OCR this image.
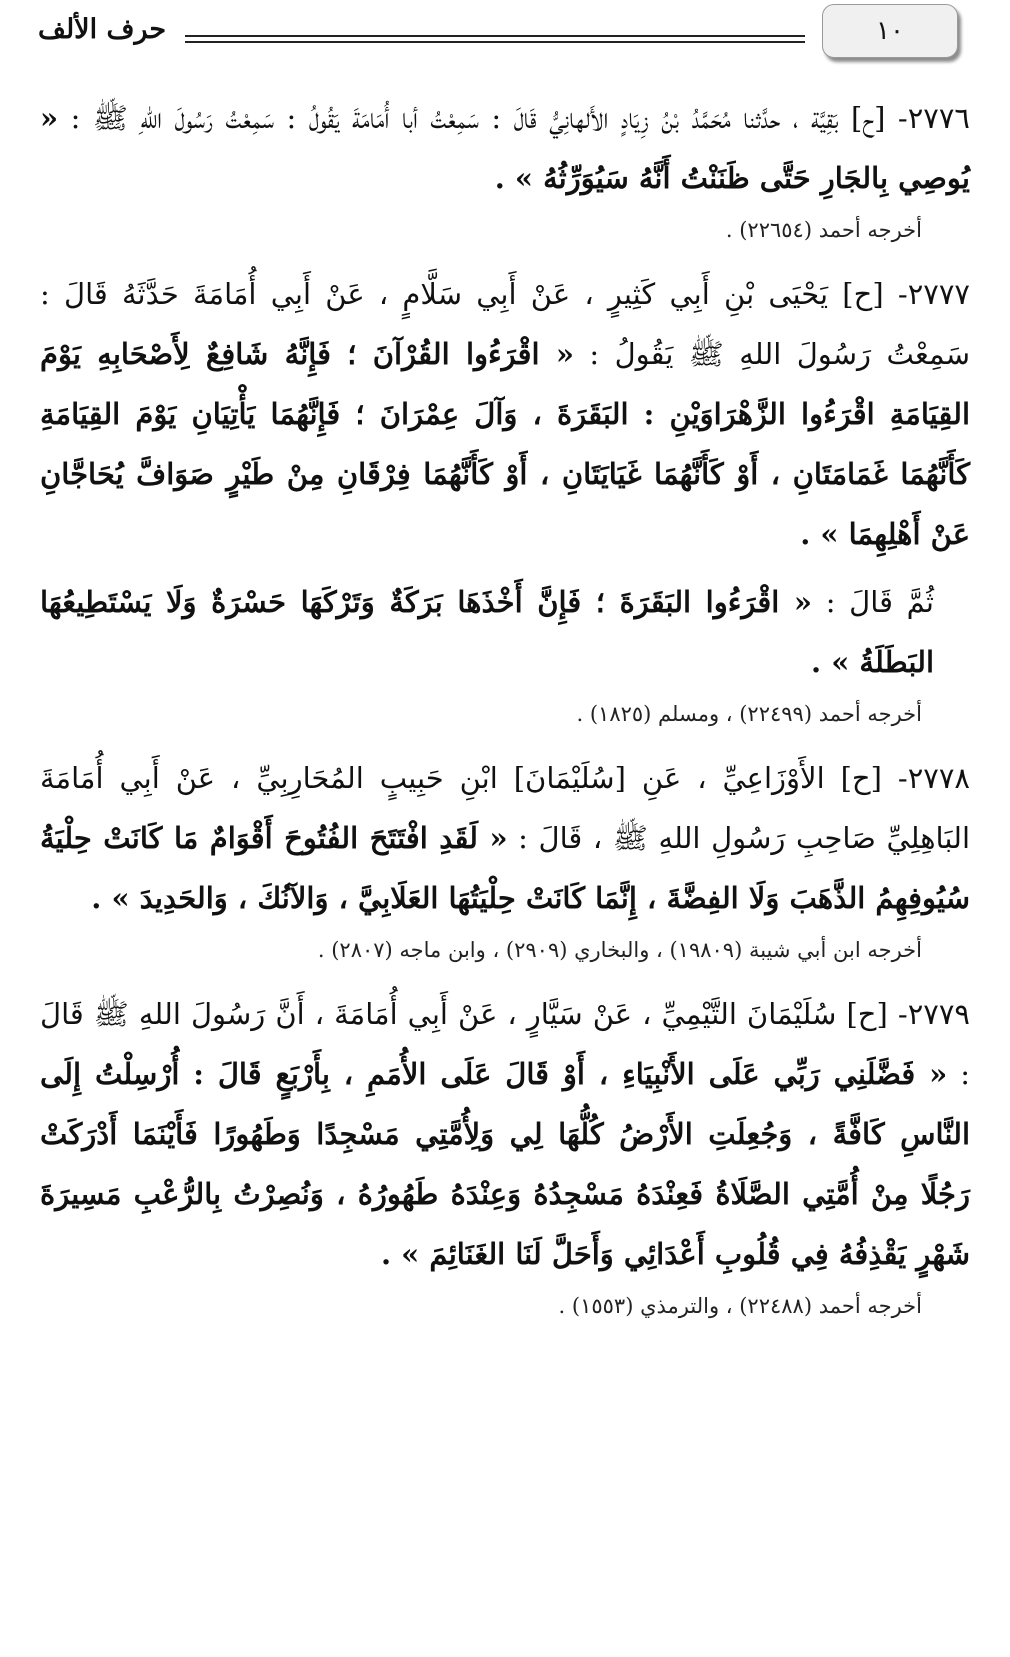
١٠
حرف الألف

٢٧٧٦- [ح] بَقِيَّة ، حدَّثنا مُحَمَّدُ بْنُ زِيَادٍ الأَلهانِيُّ قَالَ : سَمِعْتُ أبا أُمَامَةَ يَقُولُ : سَمِعْتُ رَسُولَ اللهِ ﷺ : « يُوصِي بِالجَارِ حَتَّى ظَنَنْتُ أَنَّهُ سَيُوَرِّثُهُ » .

أخرجه أحمد (٢٢٦٥٤) .

٢٧٧٧- [ح] يَحْيَى بْنِ أَبِي كَثِيرٍ ، عَنْ أَبِي سَلَّامٍ ، عَنْ أَبِي أُمَامَةَ حَدَّثَهُ قَالَ : سَمِعْتُ رَسُولَ اللهِ ﷺ يَقُولُ : « اقْرَءُوا القُرْآنَ ؛ فَإِنَّهُ شَافِعٌ لِأَصْحَابِهِ يَوْمَ القِيَامَةِ اقْرَءُوا الزَّهْرَاوَيْنِ : البَقَرَةَ ، وَآلَ عِمْرَانَ ؛ فَإِنَّهُمَا يَأْتِيَانِ يَوْمَ القِيَامَةِ كَأَنَّهُمَا غَمَامَتَانِ ، أَوْ كَأَنَّهُمَا غَيَايَتَانِ ، أَوْ كَأَنَّهُمَا فِرْقَانِ مِنْ طَيْرٍ صَوَافَّ يُحَاجَّانِ عَنْ أَهْلِهِمَا » .

ثُمَّ قَالَ : « اقْرَءُوا البَقَرَةَ ؛ فَإِنَّ أَخْذَهَا بَرَكَةٌ وَتَرْكَهَا حَسْرَةٌ وَلَا يَسْتَطِيعُهَا البَطَلَةُ » .

أخرجه أحمد (٢٢٤٩٩) ، ومسلم (١٨٢٥) .

٢٧٧٨- [ح] الأَوْزَاعِيِّ ، عَنِ [سُلَيْمَانَ] ابْنِ حَبِيبٍ المُحَارِبِيِّ ، عَنْ أَبِي أُمَامَةَ البَاهِلِيِّ صَاحِبِ رَسُولِ اللهِ ﷺ ، قَالَ : « لَقَدِ افْتَتَحَ الفُتُوحَ أَقْوَامٌ مَا كَانَتْ حِلْيَةُ سُيُوفِهِمُ الذَّهَبَ وَلَا الفِضَّةَ ، إِنَّمَا كَانَتْ حِلْيَتُهَا العَلَابِيَّ ، وَالآنُكَ ، وَالحَدِيدَ » .

أخرجه ابن أبي شيبة (١٩٨٠٩) ، والبخاري (٢٩٠٩) ، وابن ماجه (٢٨٠٧) .

٢٧٧٩- [ح] سُلَيْمَانَ التَّيْمِيِّ ، عَنْ سَيَّارٍ ، عَنْ أَبِي أُمَامَةَ ، أَنَّ رَسُولَ اللهِ ﷺ قَالَ : « فَضَّلَنِي رَبِّي عَلَى الأَنْبِيَاءِ ، أَوْ قَالَ عَلَى الأُمَمِ ، بِأَرْبَعٍ قَالَ : أُرْسِلْتُ إِلَى النَّاسِ كَافَّةً ، وَجُعِلَتِ الأَرْضُ كُلُّهَا لِي وَلِأُمَّتِي مَسْجِدًا وَطَهُورًا فَأَيْنَمَا أَدْرَكَتْ رَجُلًا مِنْ أُمَّتِي الصَّلَاةُ فَعِنْدَهُ مَسْجِدُهُ وَعِنْدَهُ طَهُورُهُ ، وَنُصِرْتُ بِالرُّعْبِ مَسِيرَةَ شَهْرٍ يَقْذِفُهُ فِي قُلُوبِ أَعْدَائِي وَأَحَلَّ لَنَا الغَنَائِمَ » .

أخرجه أحمد (٢٢٤٨٨) ، والترمذي (١٥٥٣) .
